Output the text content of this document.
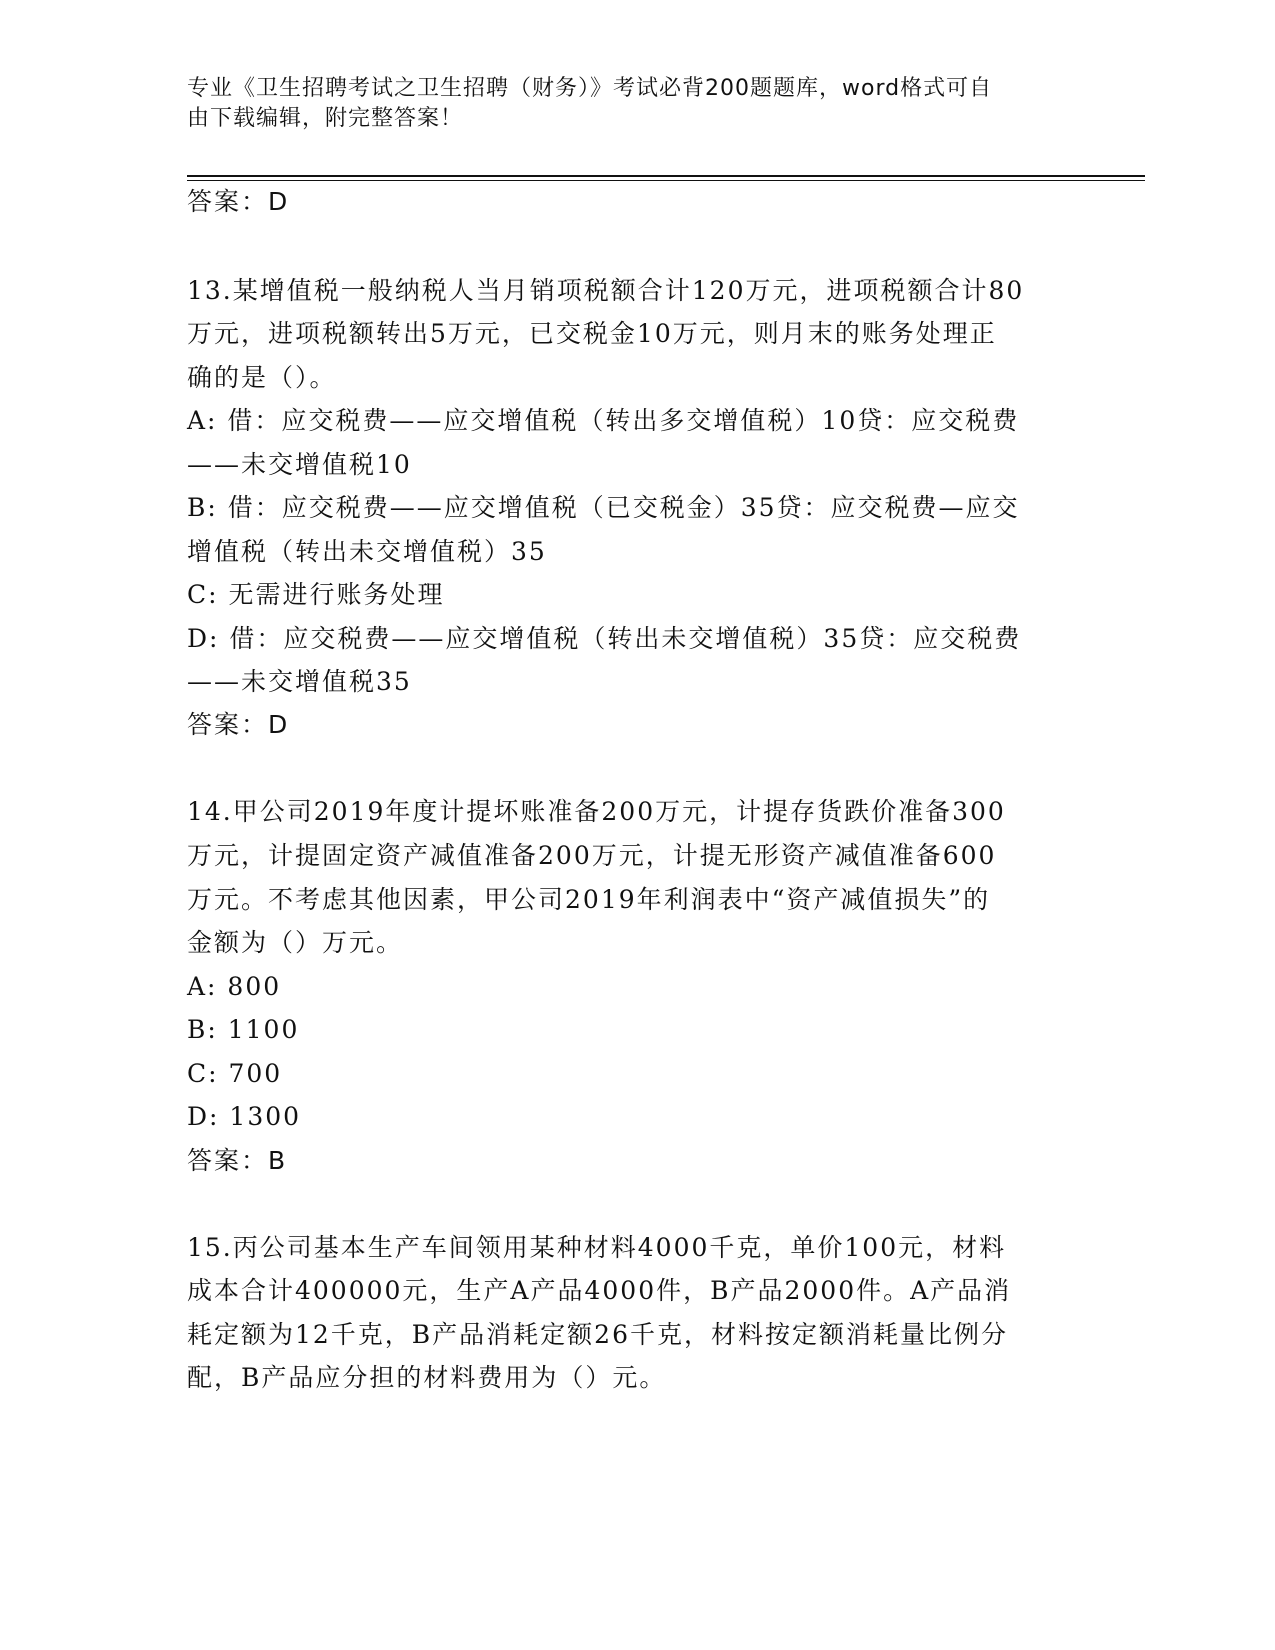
专业《卫生招聘考试之卫生招聘（财务）》考试必背200题题库，word格式可自
由下载编辑，附完整答案！
答案：D
13.某增值税一般纳税人当月销项税额合计120万元，进项税额合计80
万元，进项税额转出5万元，已交税金10万元，则月末的账务处理正
确的是（）。
A: 借：应交税费——应交增值税（转出多交增值税）10贷：应交税费
——未交增值税10
B: 借：应交税费——应交增值税（已交税金）35贷：应交税费—应交
增值税（转出未交增值税）35
C: 无需进行账务处理
D: 借：应交税费——应交增值税（转出未交增值税）35贷：应交税费
——未交增值税35
答案：D
14.甲公司2019年度计提坏账准备200万元，计提存货跌价准备300
万元，计提固定资产减值准备200万元，计提无形资产减值准备600
万元。不考虑其他因素，甲公司2019年利润表中“资产减值损失”的
金额为（）万元。
A: 800
B: 1100
C: 700
D: 1300
答案：B
15.丙公司基本生产车间领用某种材料4000千克，单价100元，材料
成本合计400000元，生产A产品4000件，B产品2000件。A产品消
耗定额为12千克，B产品消耗定额26千克，材料按定额消耗量比例分
配，B产品应分担的材料费用为（）元。
